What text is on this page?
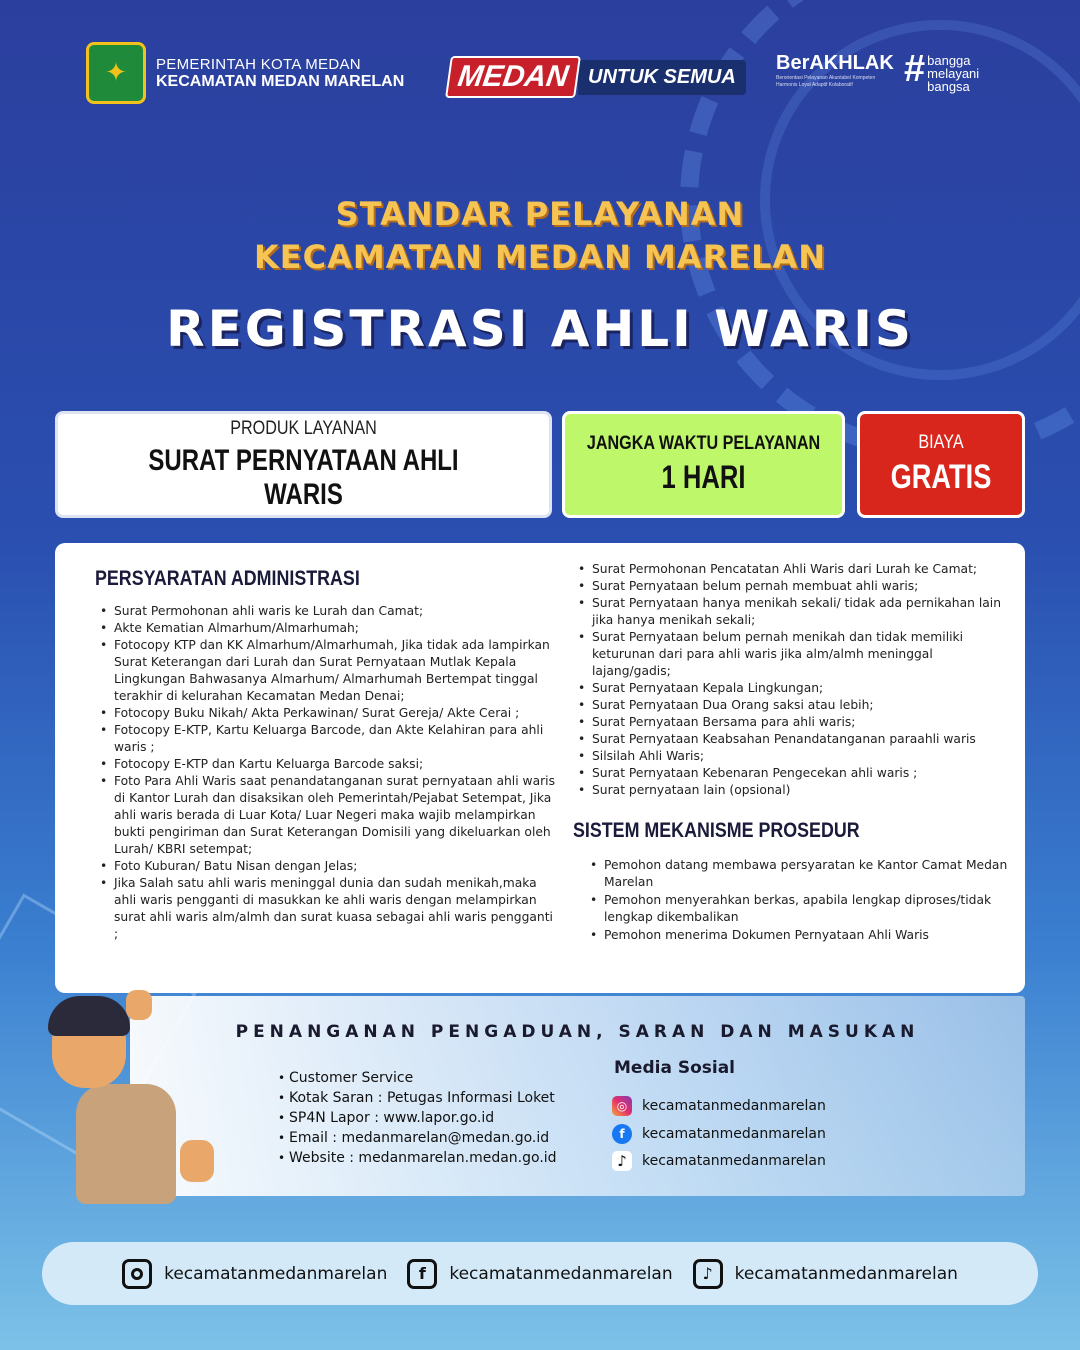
✦	PEMERINTAH KOTA MEDAN
KECAMATAN MEDAN MARELAN	MEDAN UNTUK SEMUA
BerAKHLAK
Berorientasi Pelayanan Akuntabel Kompeten Harmonis Loyal Adaptif Kolaboratif	# bangga
melayani
bangsa
STANDAR PELAYANAN
KECAMATAN MEDAN MARELAN
REGISTRASI AHLI WARIS
PRODUK LAYANAN
SURAT PERNYATAAN AHLI WARIS
JANGKA WAKTU PELAYANAN
1 HARI
BIAYA
GRATIS
PERSYARATAN ADMINISTRASI
• Surat Permohonan ahli waris ke Lurah dan Camat;
• Akte Kematian Almarhum/Almarhumah;
• Fotocopy KTP dan KK Almarhum/Almarhumah, Jika tidak ada lampirkan Surat Keterangan dari Lurah dan Surat Pernyataan Mutlak Kepala Lingkungan Bahwasanya Almarhum/ Almarhumah Bertempat tinggal terakhir di kelurahan Kecamatan Medan Denai;
• Fotocopy Buku Nikah/ Akta Perkawinan/ Surat Gereja/ Akte Cerai ;
• Fotocopy E-KTP, Kartu Keluarga Barcode, dan Akte Kelahiran para ahli waris ;
• Fotocopy E-KTP dan Kartu Keluarga Barcode saksi;
• Foto Para Ahli Waris saat penandatanganan surat pernyataan ahli waris di Kantor Lurah dan disaksikan oleh Pemerintah/Pejabat Setempat, Jika ahli waris berada di Luar Kota/ Luar Negeri maka wajib melampirkan bukti pengiriman dan Surat Keterangan Domisili yang dikeluarkan oleh Lurah/ KBRI setempat;
• Foto Kuburan/ Batu Nisan dengan Jelas;
• Jika Salah satu ahli waris meninggal dunia dan sudah menikah,maka ahli waris pengganti di masukkan ke ahli waris dengan melampirkan surat ahli waris alm/almh dan surat kuasa sebagai ahli waris pengganti ;
• Surat Permohonan Pencatatan Ahli Waris dari Lurah ke Camat;
• Surat Pernyataan belum pernah membuat ahli waris;
• Surat Pernyataan hanya menikah sekali/ tidak ada pernikahan lain jika hanya menikah sekali;
• Surat Pernyataan belum pernah menikah dan tidak memiliki keturunan dari para ahli waris jika alm/almh meninggal lajang/gadis;
• Surat Pernyataan Kepala Lingkungan;
• Surat Pernyataan Dua Orang saksi atau lebih;
• Surat Pernyataan Bersama para ahli waris;
• Surat Pernyataan Keabsahan Penandatanganan paraahli waris
• Silsilah Ahli Waris;
• Surat Pernyataan Kebenaran Pengecekan ahli waris ;
• Surat pernyataan lain (opsional)
SISTEM MEKANISME PROSEDUR
• Pemohon datang membawa persyaratan ke Kantor Camat Medan Marelan
• Pemohon menyerahkan berkas, apabila lengkap diproses/tidak lengkap dikembalikan
• Pemohon menerima Dokumen Pernyataan Ahli Waris
PENANGANAN PENGADUAN, SARAN DAN MASUKAN
• Customer Service
• Kotak Saran : Petugas Informasi Loket
• SP4N Lapor : www.lapor.go.id
• Email : medanmarelan@medan.go.id
• Website : medanmarelan.medan.go.id
Media Sosial
◎	kecamatanmedanmarelan
f	kecamatanmedanmarelan
♪	kecamatanmedanmarelan
kecamatanmedanmarelan	f	kecamatanmedanmarelan	♪	kecamatanmedanmarelan
